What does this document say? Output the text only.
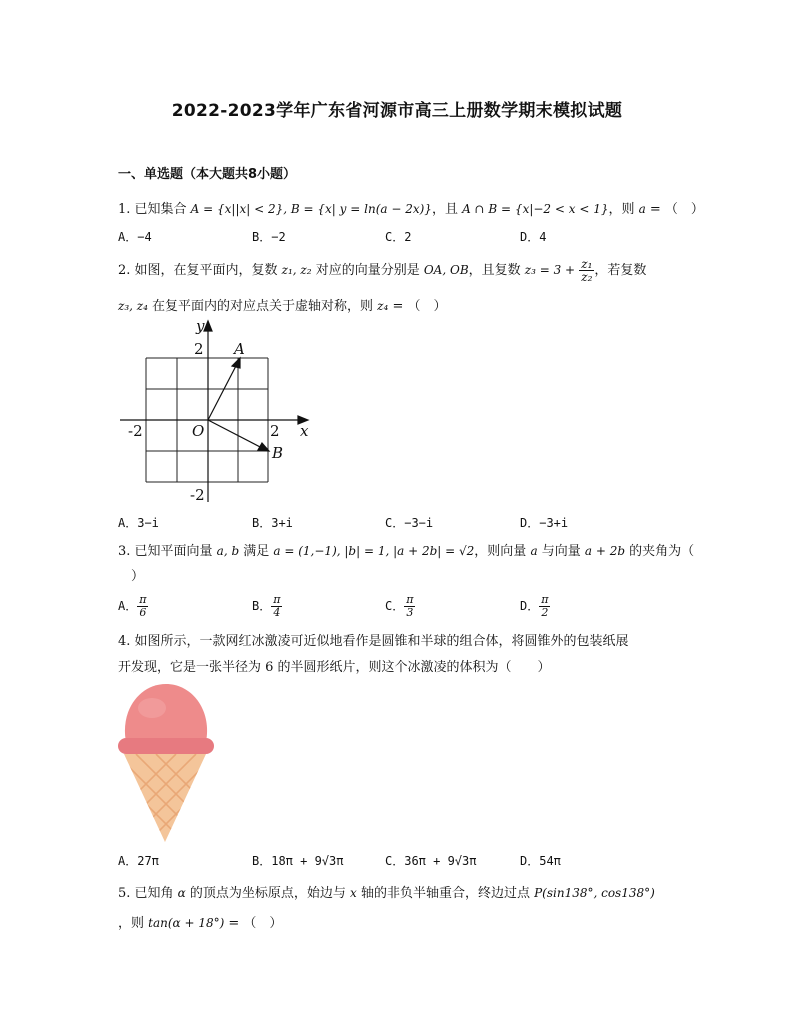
2022-2023学年广东省河源市高三上册数学期末模拟试题
一、单选题（本大题共8小题）
1. 已知集合 A = {x||x| < 2}, B = {x| y = ln(a − 2x)}，且 A ∩ B = {x|−2 < x < 1}，则 a = （　）
A．−4	B．−2	C．2	D．4
2. 如图，在复平面内，复数 z₁, z₂ 对应的向量分别是 OA, OB，且复数 $z_3 = 3 + \frac{\text{z₁}}{\text{z₂}}$ ，若复数
z₃, z₄ 在复平面内的对应点关于虚轴对称，则 z₄ = （　）
y
x
O
A
B
2
-2
2
-2
A．3−i	B．3+i	C．−3−i	D．−3+i
3. 已知平面向量 a, b 满足 a = (1,−1), |b| = 1, |a + 2b| = √2，则向量 a 与向量 a + 2b 的夹角为（
　）
A． $\frac{\pi}{6}$	B． $\frac{\pi}{4}$	C． $\frac{\pi}{3}$	D． $\frac{\pi}{2}$
4. 如图所示，一款网红冰激凌可近似地看作是圆锥和半球的组合体，将圆锥外的包装纸展
开发现，它是一张半径为 6 的半圆形纸片，则这个冰激凌的体积为（　　）
A．27π	B．18π + 9√3π	C．36π + 9√3π	D．54π
5. 已知角 α 的顶点为坐标原点，始边与 x 轴的非负半轴重合，终边过点 P(sin138°, cos138°)
，则 tan(α + 18°) = （　）
